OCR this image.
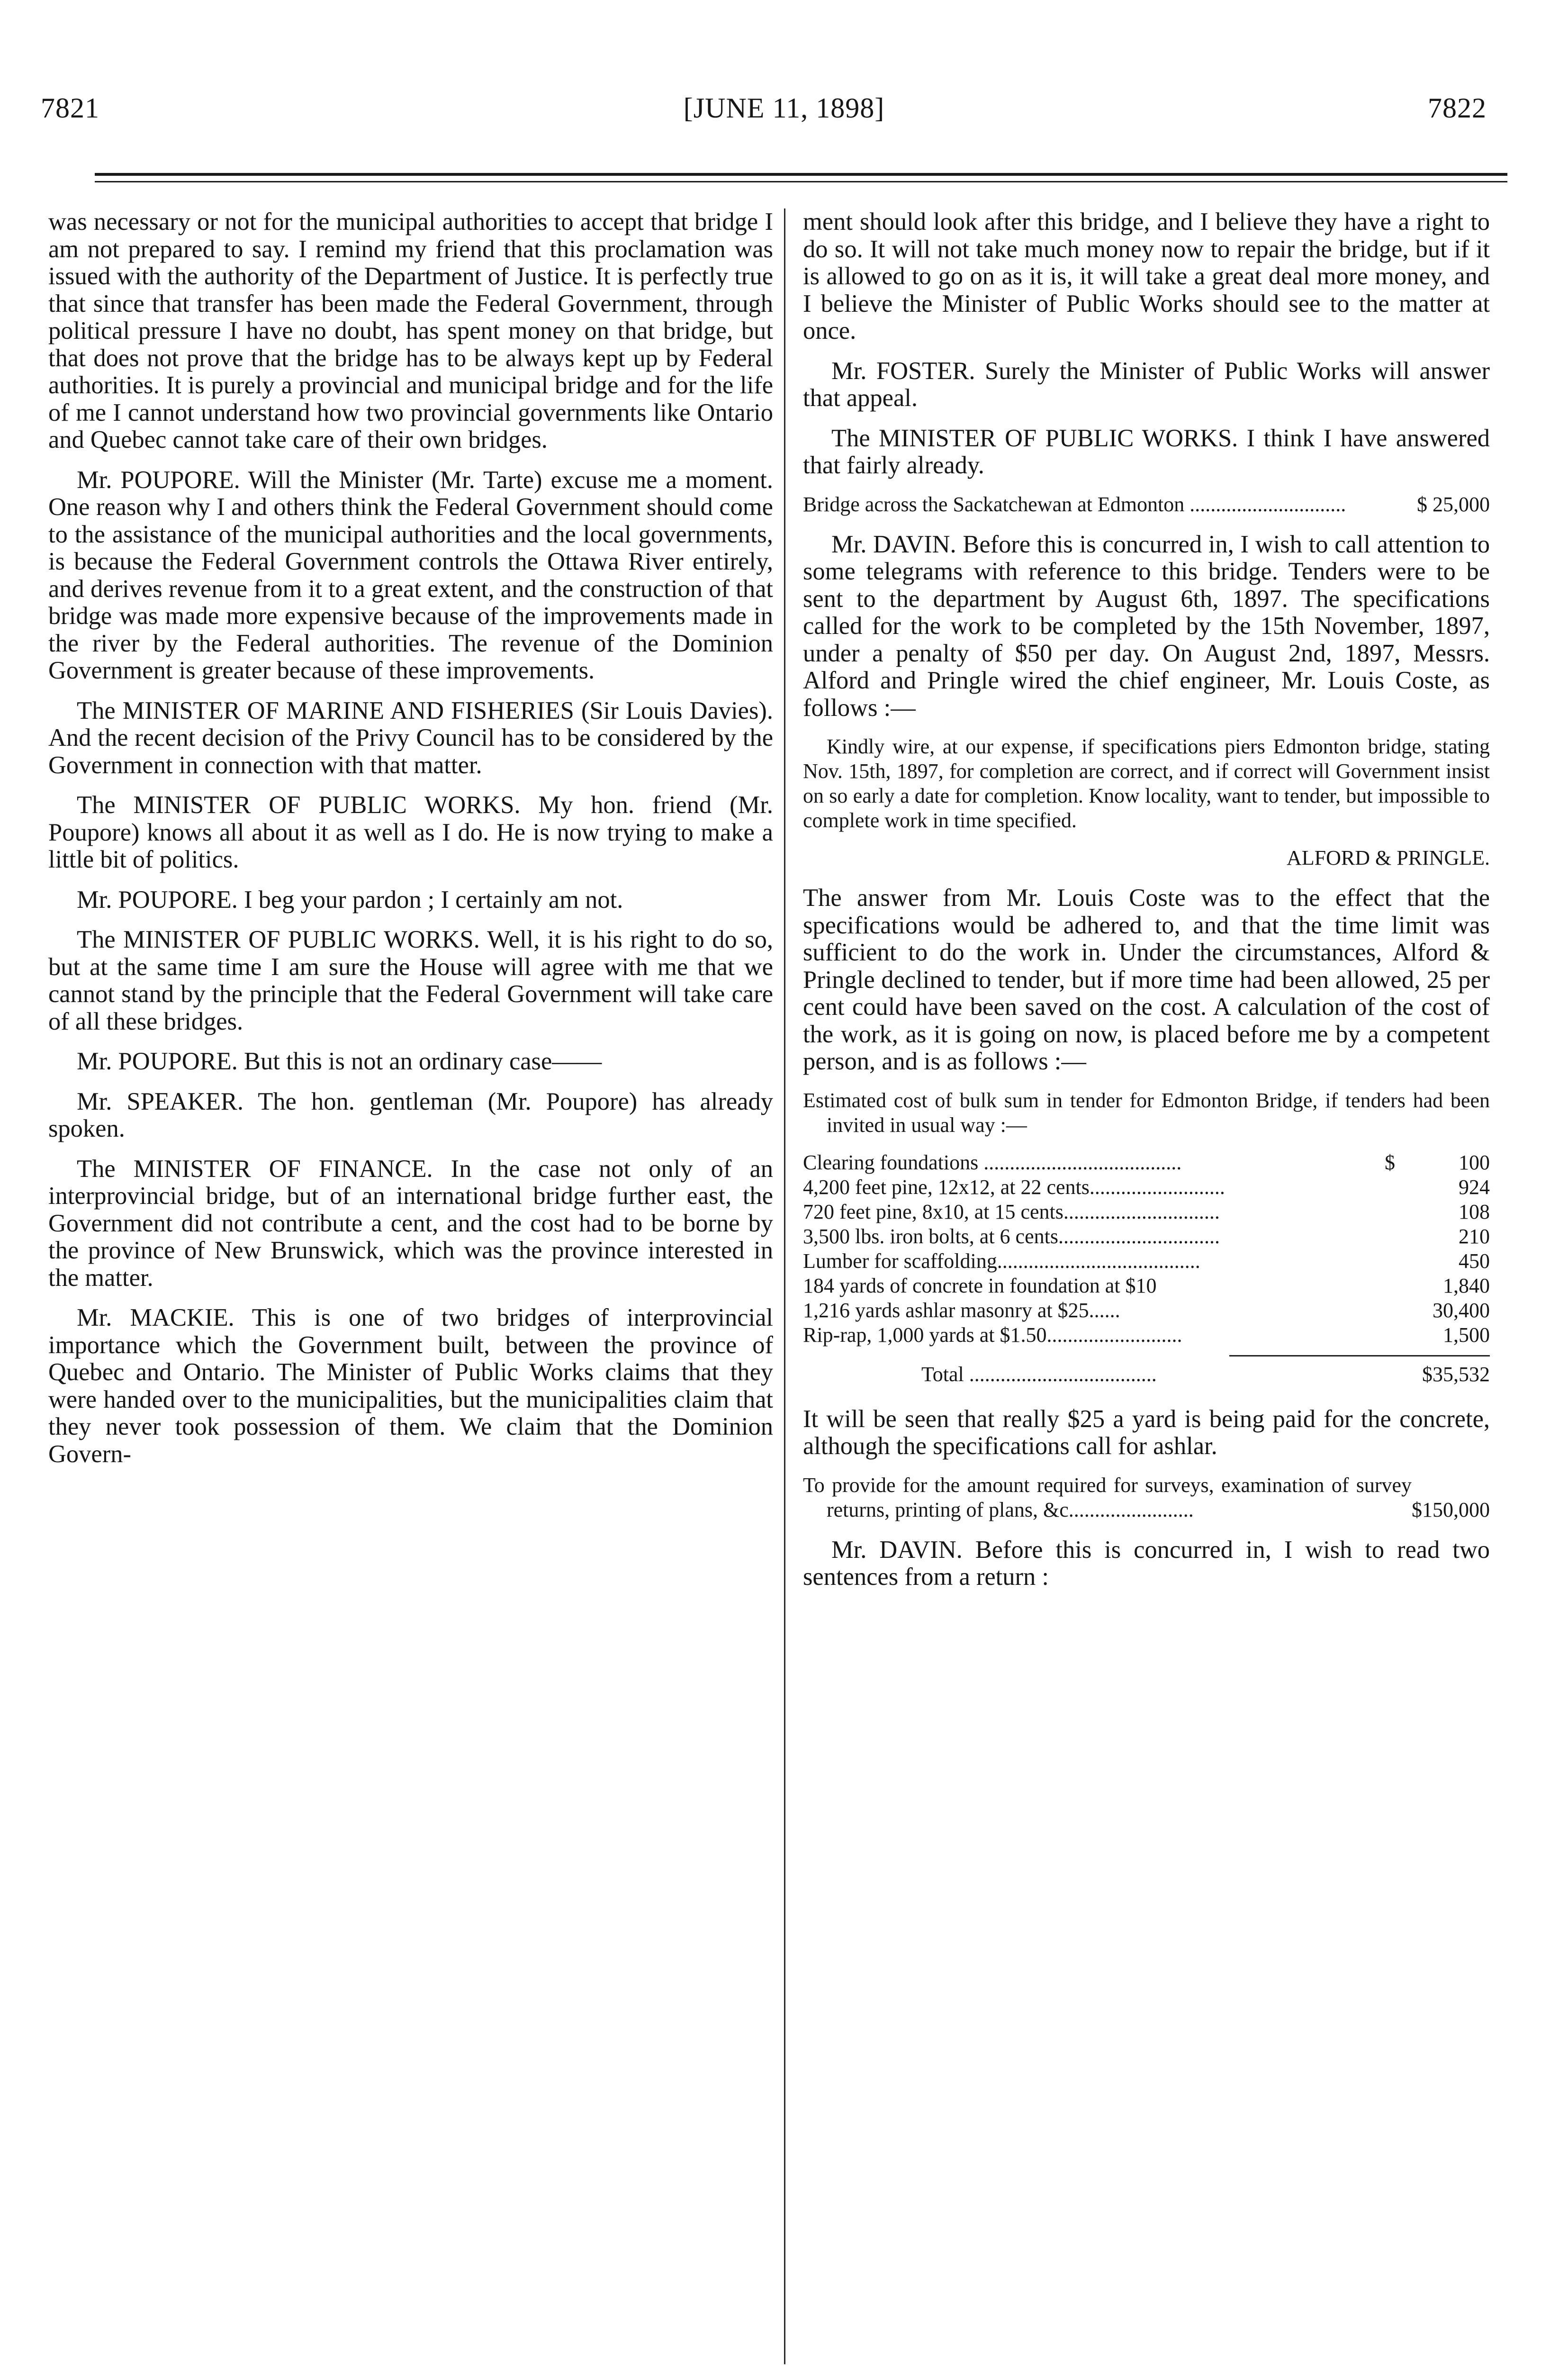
7821	[JUNE 11, 1898]	7822

was necessary or not for the municipal authorities to accept that bridge I am not prepared to say. I remind my friend that this proclamation was issued with the authority of the Department of Justice. It is perfectly true that since that transfer has been made the Federal Government, through political pressure I have no doubt, has spent money on that bridge, but that does not prove that the bridge has to be always kept up by Federal authorities. It is purely a provincial and municipal bridge and for the life of me I cannot understand how two provincial governments like Ontario and Quebec cannot take care of their own bridges.

Mr. POUPORE. Will the Minister (Mr. Tarte) excuse me a moment. One reason why I and others think the Federal Government should come to the assistance of the municipal authorities and the local governments, is because the Federal Government controls the Ottawa River entirely, and derives revenue from it to a great extent, and the construction of that bridge was made more expensive because of the improvements made in the river by the Federal authorities. The revenue of the Dominion Government is greater because of these improvements.

The MINISTER OF MARINE AND FISHERIES (Sir Louis Davies). And the recent decision of the Privy Council has to be considered by the Government in connection with that matter.

The MINISTER OF PUBLIC WORKS. My hon. friend (Mr. Poupore) knows all about it as well as I do. He is now trying to make a little bit of politics.

Mr. POUPORE. I beg your pardon ; I certainly am not.

The MINISTER OF PUBLIC WORKS. Well, it is his right to do so, but at the same time I am sure the House will agree with me that we cannot stand by the principle that the Federal Government will take care of all these bridges.

Mr. POUPORE. But this is not an ordinary case——

Mr. SPEAKER. The hon. gentleman (Mr. Poupore) has already spoken.

The MINISTER OF FINANCE. In the case not only of an interprovincial bridge, but of an international bridge further east, the Government did not contribute a cent, and the cost had to be borne by the province of New Brunswick, which was the province interested in the matter.

Mr. MACKIE. This is one of two bridges of interprovincial importance which the Government built, between the province of Quebec and Ontario. The Minister of Public Works claims that they were handed over to the municipalities, but the municipalities claim that they never took possession of them. We claim that the Dominion Govern-

ment should look after this bridge, and I believe they have a right to do so. It will not take much money now to repair the bridge, but if it is allowed to go on as it is, it will take a great deal more money, and I believe the Minister of Public Works should see to the matter at once.

Mr. FOSTER. Surely the Minister of Public Works will answer that appeal.

The MINISTER OF PUBLIC WORKS. I think I have answered that fairly already.

Bridge across the Sackatchewan at Edmonton ..............................	$ 25,000

Mr. DAVIN. Before this is concurred in, I wish to call attention to some telegrams with reference to this bridge. Tenders were to be sent to the department by August 6th, 1897. The specifications called for the work to be completed by the 15th November, 1897, under a penalty of $50 per day. On August 2nd, 1897, Messrs. Alford and Pringle wired the chief engineer, Mr. Louis Coste, as follows :—

Kindly wire, at our expense, if specifications piers Edmonton bridge, stating Nov. 15th, 1897, for completion are correct, and if correct will Government insist on so early a date for completion. Know locality, want to tender, but impossible to complete work in time specified.

ALFORD & PRINGLE.

The answer from Mr. Louis Coste was to the effect that the specifications would be adhered to, and that the time limit was sufficient to do the work in. Under the circumstances, Alford & Pringle declined to tender, but if more time had been allowed, 25 per cent could have been saved on the cost. A calculation of the cost of the work, as it is going on now, is placed before me by a competent person, and is as follows :—

Estimated cost of bulk sum in tender for Edmonton Bridge, if tenders had been invited in usual way :—

Clearing foundations ......................................	$	100
4,200 feet pine, 12x12, at 22 cents..........................	924
720 feet pine, 8x10, at 15 cents..............................	108
3,500 lbs. iron bolts, at 6 cents...............................	210
Lumber for scaffolding.......................................	450
184 yards of concrete in foundation at $10	1,840
1,216 yards ashlar masonry at $25......	30,400
Rip-rap, 1,000 yards at $1.50..........................	1,500
Total ....................................	$35,532

It will be seen that really $25 a yard is being paid for the concrete, although the specifications call for ashlar.

To provide for the amount required for surveys, examination of survey returns, printing of plans, &c........................	$150,000

Mr. DAVIN. Before this is concurred in, I wish to read two sentences from a return :
